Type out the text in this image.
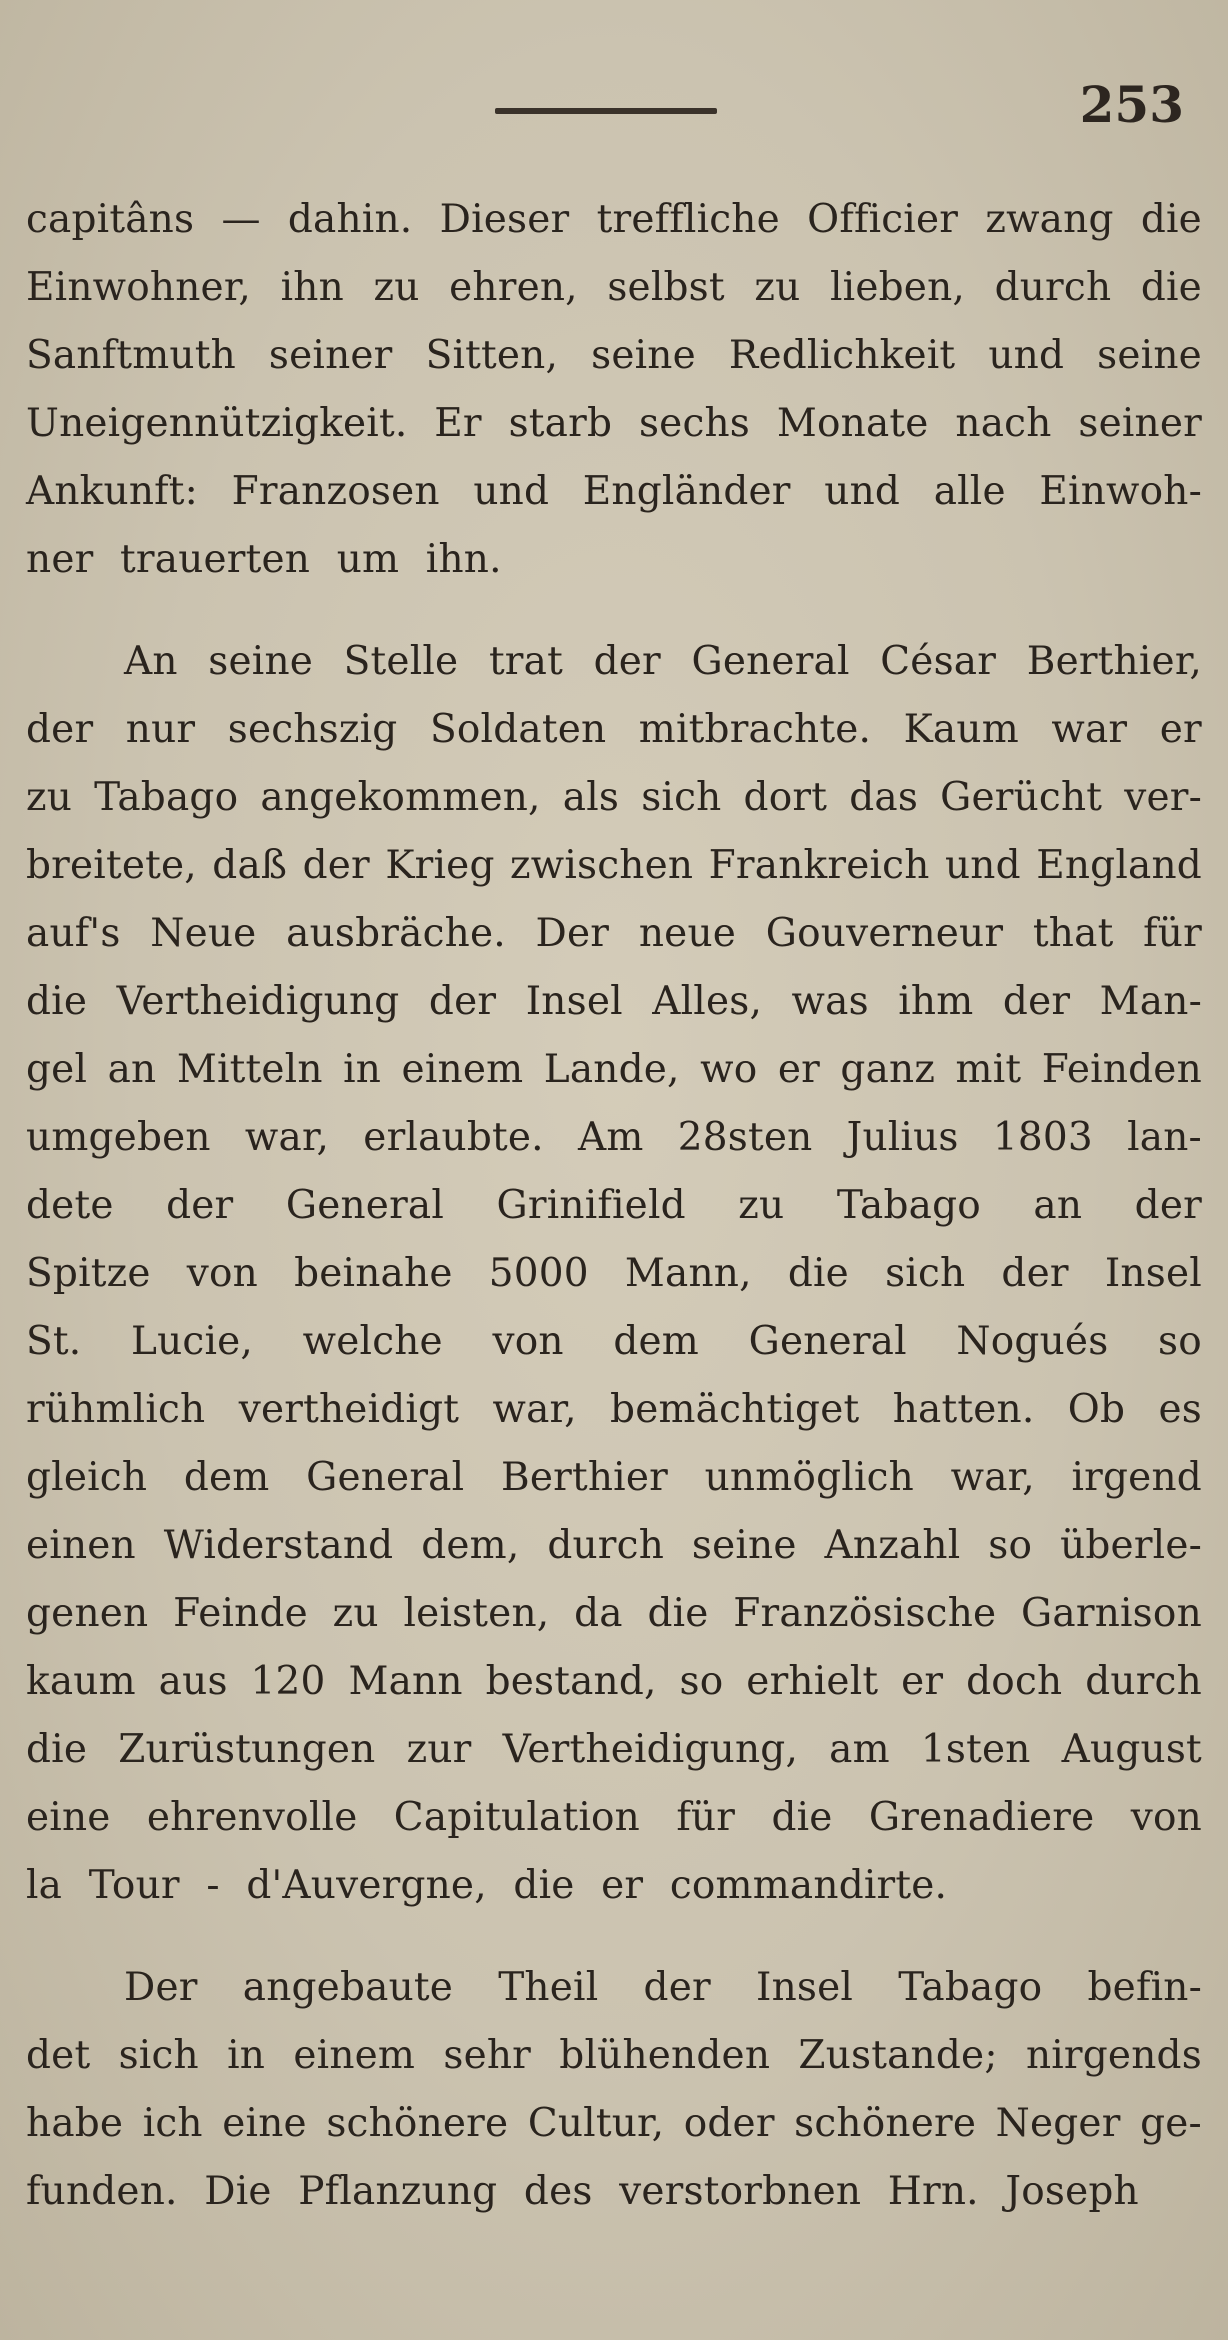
253
capitâns — dahin. Dieser treffliche Officier zwang die
Einwohner, ihn zu ehren, selbst zu lieben, durch die
Sanftmuth seiner Sitten, seine Redlichkeit und seine
Uneigennützigkeit. Er starb sechs Monate nach seiner
Ankunft: Franzosen und Engländer und alle Einwoh-
ner trauerten um ihn.
An seine Stelle trat der General César Berthier,
der nur sechszig Soldaten mitbrachte. Kaum war er
zu Tabago angekommen, als sich dort das Gerücht ver-
breitete, daß der Krieg zwischen Frankreich und England
auf's Neue ausbräche. Der neue Gouverneur that für
die Vertheidigung der Insel Alles, was ihm der Man-
gel an Mitteln in einem Lande, wo er ganz mit Feinden
umgeben war, erlaubte. Am 28sten Julius 1803 lan-
dete der General Grinifield zu Tabago an der
Spitze von beinahe 5000 Mann, die sich der Insel
St. Lucie, welche von dem General Nogués so
rühmlich vertheidigt war, bemächtiget hatten. Ob es
gleich dem General Berthier unmöglich war, irgend
einen Widerstand dem, durch seine Anzahl so überle-
genen Feinde zu leisten, da die Französische Garnison
kaum aus 120 Mann bestand, so erhielt er doch durch
die Zurüstungen zur Vertheidigung, am 1sten August
eine ehrenvolle Capitulation für die Grenadiere von
la Tour - d'Auvergne, die er commandirte.
Der angebaute Theil der Insel Tabago befin-
det sich in einem sehr blühenden Zustande; nirgends
habe ich eine schönere Cultur, oder schönere Neger ge-
funden. Die Pflanzung des verstorbnen Hrn. Joseph
